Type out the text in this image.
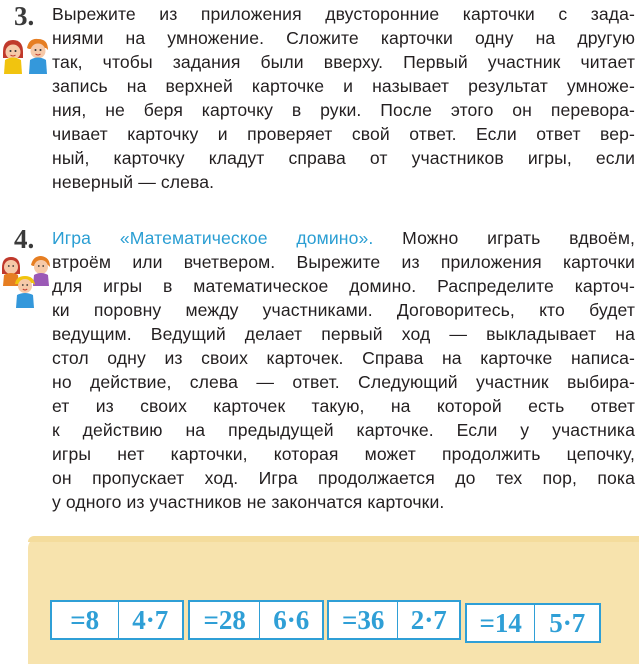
3. Вырежите из приложения двусторонние карточки с зада-
ниями на умножение. Сложите карточки одну на другую
так, чтобы задания были вверху. Первый участник читает
запись на верхней карточке и называет результат умноже-
ния, не беря карточку в руки. После этого он перевора-
чивает карточку и проверяет свой ответ. Если ответ вер-
ный, карточку кладут справа от участников игры, если
неверный — слева.
4. Игра «Математическое домино». Можно играть вдвоём,
втроём или вчетвером. Вырежите из приложения карточки
для игры в математическое домино. Распределите карточ-
ки поровну между участниками. Договоритесь, кто будет
ведущим. Ведущий делает первый ход — выкладывает на
стол одну из своих карточек. Справа на карточке написа-
но действие, слева — ответ. Следующий участник выбира-
ет из своих карточек такую, на которой есть ответ
к действию на предыдущей карточке. Если у участника
игры нет карточки, которая может продолжить цепочку,
он пропускает ход. Игра продолжается до тех пор, пока
у одного из участников не закончатся карточки.
=8	4·7	=28	6·6	=36 2·7	=14	5·7
